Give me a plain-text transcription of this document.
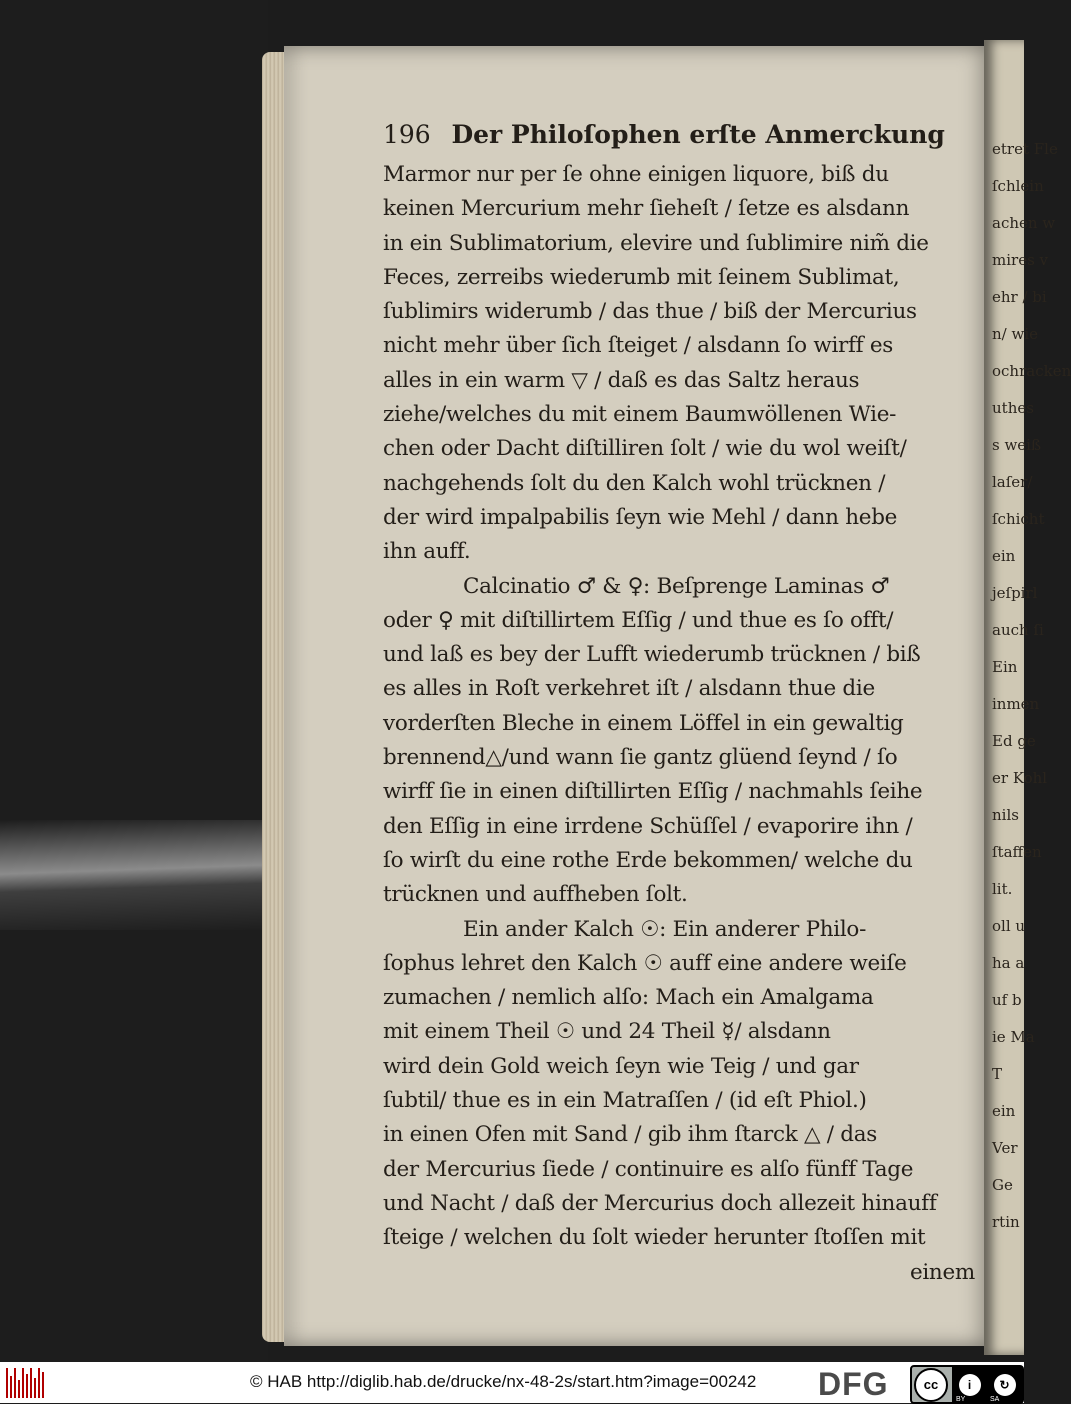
etret Fle
ſchlein
achen w
mires v
ehr / bi
n/ wie
ochracken
uthes
s weiß
laſer/
ſchicht
ein
jeſpirl
auch ſi
Ein
inmen
Ed ge
er Kohl
nils
ſtaffen
lit.
oll u
ha a
uf b
ie Ma
T
ein
Ver
Ge
rtin
196 Der Philoſophen erſte Anmerckung
Marmor nur per ſe ohne einigen liquore, biß du
keinen Mercurium mehr ſieheſt / ſetze es alsdann
in ein Sublimatorium, elevire und ſublimire nim̃ die
Feces, zerreibs wiederumb mit ſeinem Sublimat,
ſublimirs widerumb / das thue / biß der Mercurius
nicht mehr über ſich ſteiget / alsdann ſo wirff es
alles in ein warm ▽ / daß es das Saltz heraus
ziehe/welches du mit einem Baumwöllenen Wie-
chen oder Dacht diſtilliren ſolt / wie du wol weiſt/
nachgehends ſolt du den Kalch wohl trücknen /
der wird impalpabilis ſeyn wie Mehl / dann hebe
ihn auff.
Calcinatio ♂ & ♀: Beſprenge Laminas ♂
oder ♀ mit diſtillirtem Eſſig / und thue es ſo offt/
und laß es bey der Lufft wiederumb trücknen / biß
es alles in Roſt verkehret iſt / alsdann thue die
vorderſten Bleche in einem Löffel in ein gewaltig
brennend△/und wann ſie gantz glüend ſeynd / ſo
wirff ſie in einen diſtillirten Eſſig / nachmahls ſeihe
den Eſſig in eine irrdene Schüſſel / evaporire ihn /
ſo wirſt du eine rothe Erde bekommen/ welche du
trücknen und auffheben ſolt.
Ein ander Kalch ☉: Ein anderer Philo-
ſophus lehret den Kalch ☉ auff eine andere weiſe
zumachen / nemlich alſo: Mach ein Amalgama
mit einem Theil ☉ und 24 Theil ☿/ alsdann
wird dein Gold weich ſeyn wie Teig / und gar
ſubtil/ thue es in ein Matraſſen / (id eſt Phiol.)
in einen Ofen mit Sand / gib ihm ſtarck △ / das
der Mercurius ſiede / continuire es alſo fünff Tage
und Nacht / daß der Mercurius doch allezeit hinauff
ſteige / welchen du ſolt wieder herunter ſtoſſen mit
einem
© HAB http://diglib.hab.de/drucke/nx-48-2s/start.htm?image=00242 DFG	cc	i	↻
BY	SA
